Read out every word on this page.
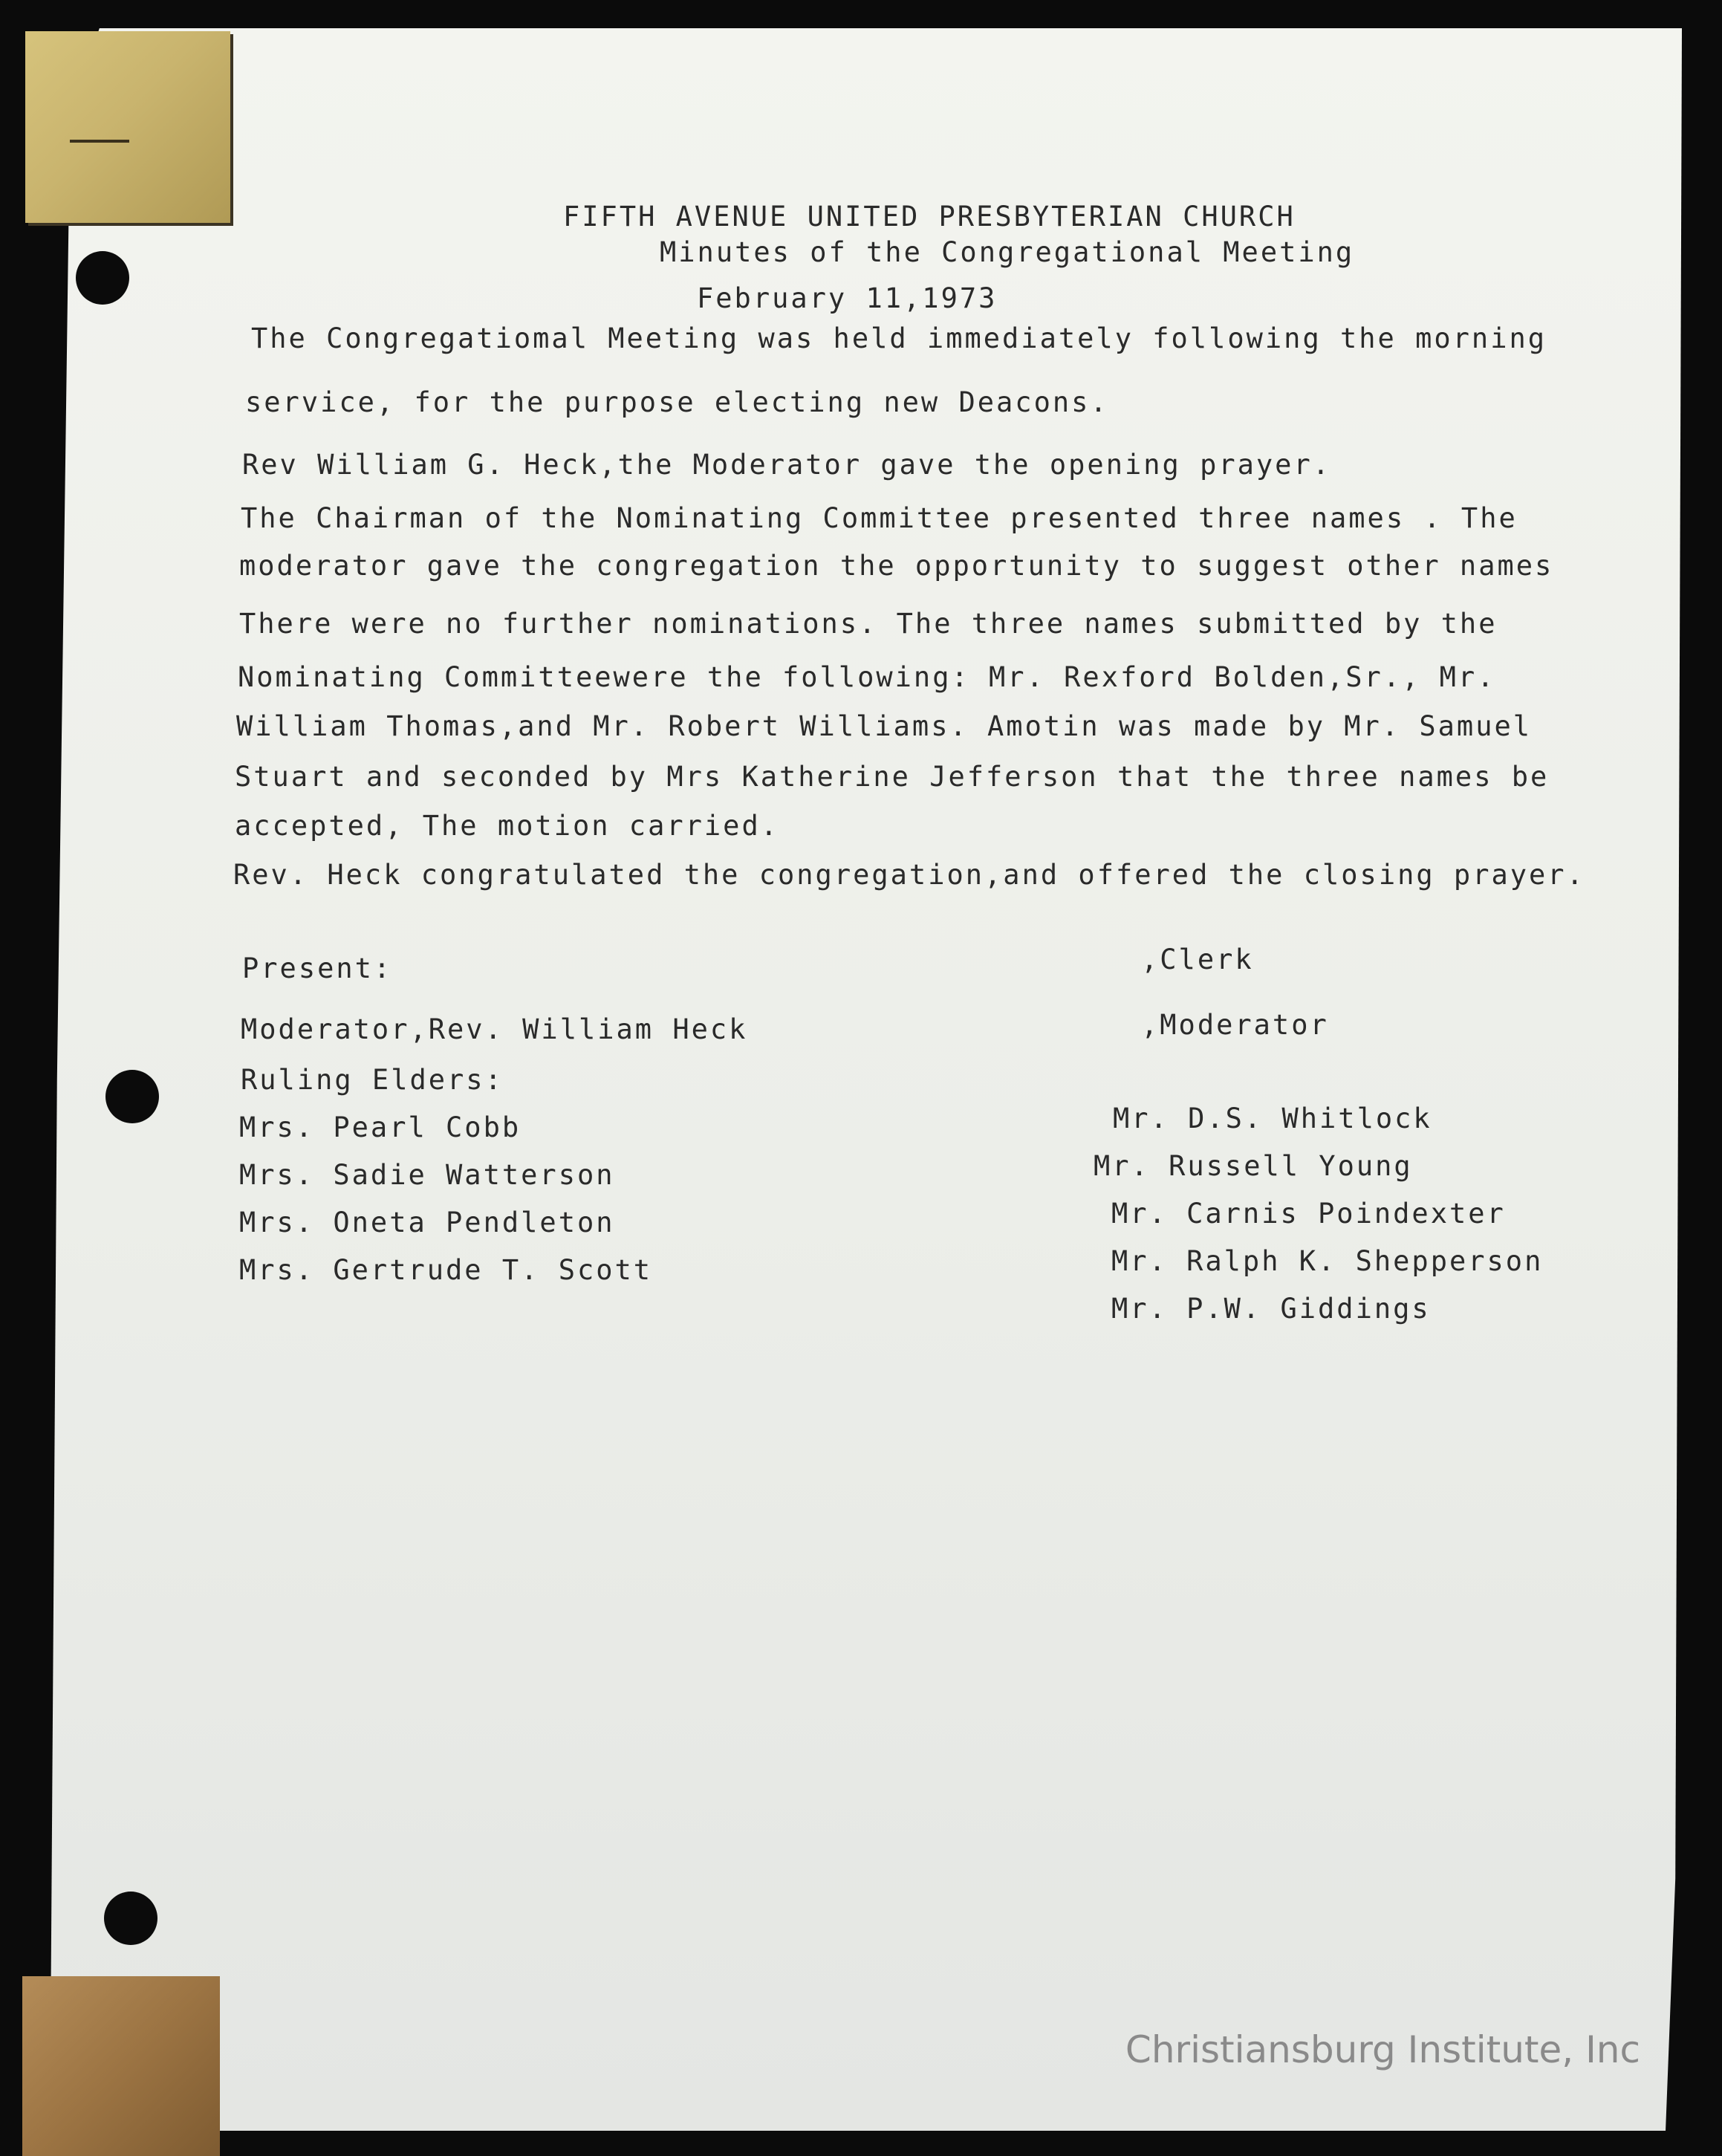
FIFTH AVENUE UNITED PRESBYTERIAN CHURCH

Minutes of the Congregational Meeting

February 11,1973

The Congregatiomal Meeting was held immediately following the morning

service, for the purpose electing new Deacons.

Rev William G. Heck,the Moderator gave the opening prayer.

The Chairman of the Nominating Committee presented three names . The

moderator gave the congregation the opportunity to suggest other names

There were no further nominations. The three names submitted by the

Nominating Committeewere the following: Mr. Rexford Bolden,Sr., Mr.

William Thomas,and Mr. Robert Williams. Amotin was made by Mr. Samuel

Stuart and seconded by Mrs Katherine Jefferson that the three names be

accepted, The motion carried.

Rev. Heck congratulated the congregation,and offered the closing prayer.

Present:

Moderator,Rev. William Heck

Ruling Elders:

Mrs. Pearl Cobb

Mrs. Sadie Watterson

Mrs. Oneta Pendleton

Mrs. Gertrude T. Scott

,Clerk

,Moderator

Mr. D.S. Whitlock

Mr. Russell Young

Mr. Carnis Poindexter

Mr. Ralph K. Shepperson

Mr. P.W. Giddings

Christiansburg Institute, Inc
